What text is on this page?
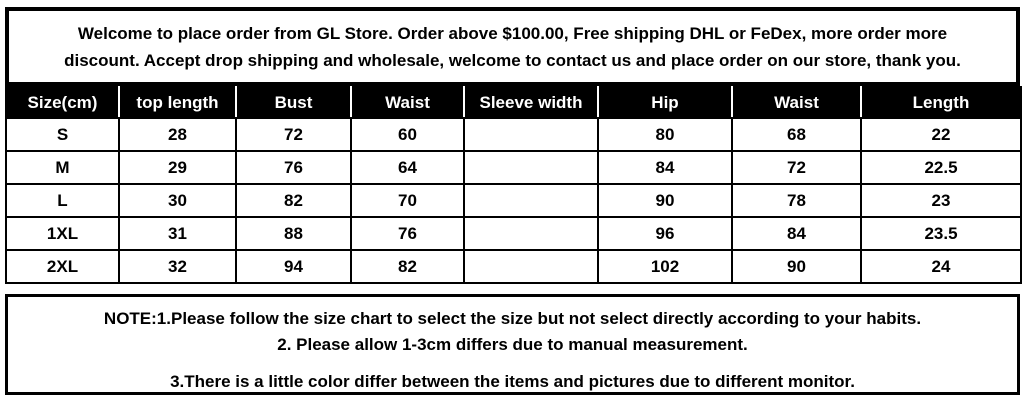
Welcome to place order from GL Store. Order above $100.00, Free shipping DHL or FeDex, more order more
discount. Accept drop shipping and wholesale, welcome to contact us and place order on our store, thank you.
Size(cm)	top length	Bust	Waist	Sleeve width	Hip	Waist	Length
S	28	72	60		80	68	22
M	29	76	64		84	72	22.5
L	30	82	70		90	78	23
1XL	31	88	76		96	84	23.5
2XL	32	94	82		102	90	24
NOTE:1.Please follow the size chart to select the size but not select directly according to your habits.
2. Please allow 1-3cm differs due to manual measurement.
3.There is a little color differ between the items and pictures due to different monitor.
